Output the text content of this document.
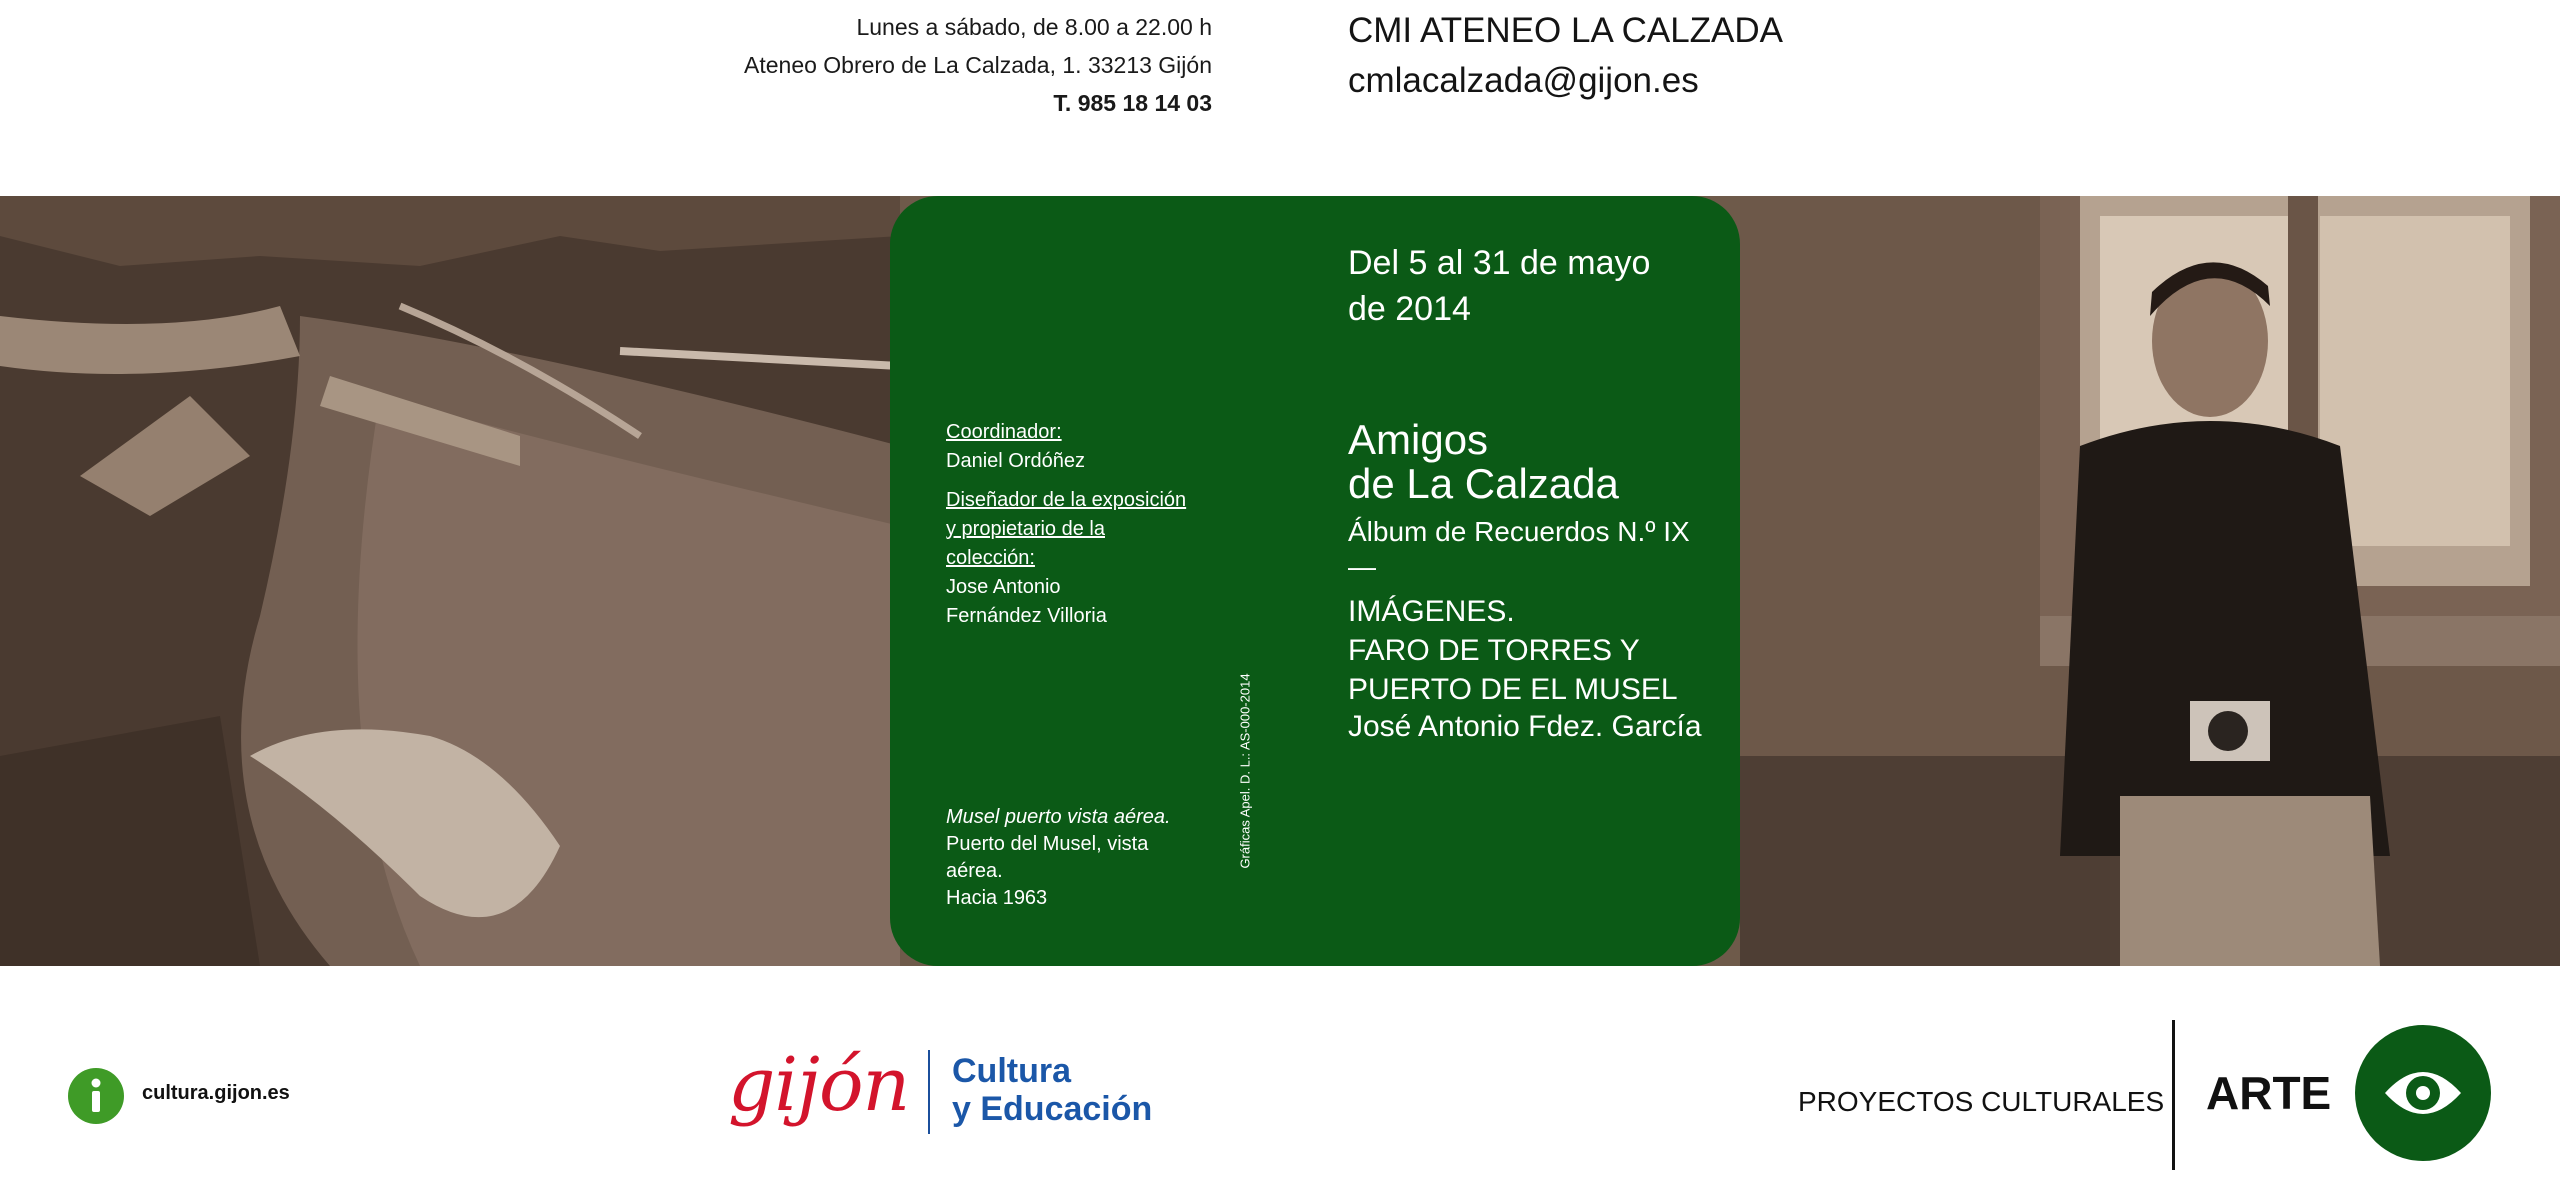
Lunes a sábado, de 8.00 a 22.00 h
Ateneo Obrero de La Calzada, 1. 33213 Gijón
T. 985 18 14 03
CMI ATENEO LA CALZADA
cmlacalzada@gijon.es

Coordinador:
Daniel Ordóñez

Diseñador de la exposición
y propietario de la
colección:
Jose Antonio
Fernández Villoria

Musel puerto vista aérea.
Puerto del Musel, vista aérea.
Hacia 1963
Gráficas Apel. D. L.: AS-000-2014
Del 5 al 31 de mayo
de 2014
Amigos
de La Calzada
Álbum de Recuerdos N.º IX
—
IMÁGENES.
FARO DE TORRES Y
PUERTO DE EL MUSEL
José Antonio Fdez. García
cultura.gijon.es	gijón Cultura
y Educación	PROYECTOS CULTURALES ARTE
